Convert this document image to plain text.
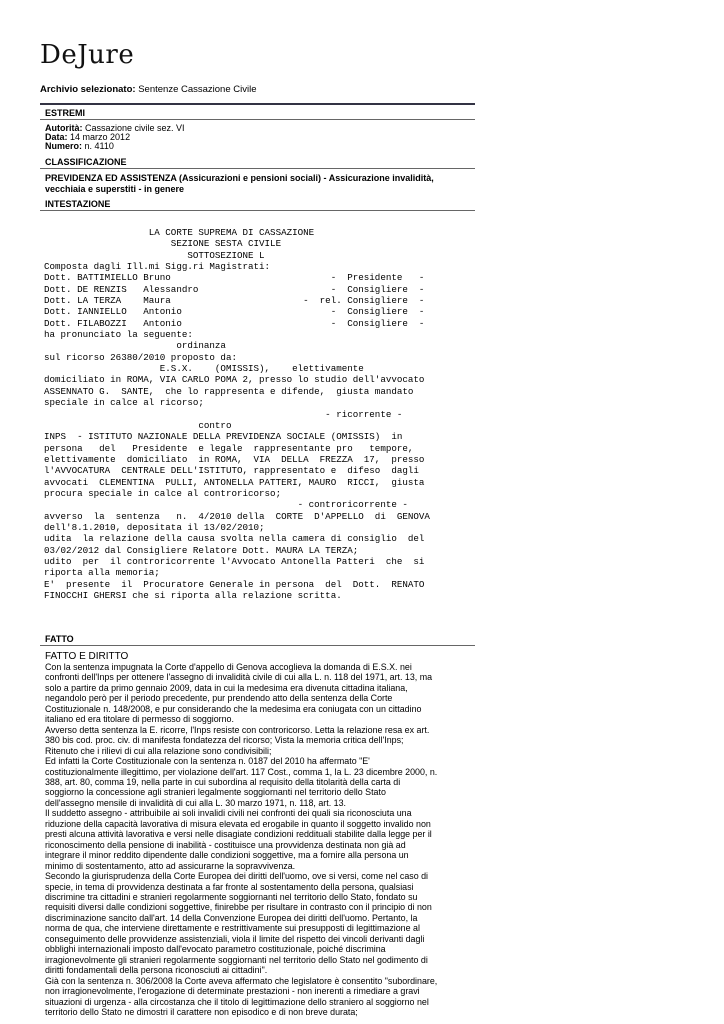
DeJure
Archivio selezionato: Sentenze Cassazione Civile
ESTREMI
Autorità: Cassazione civile sez. VI
Data: 14 marzo 2012
Numero: n. 4110
CLASSIFICAZIONE
PREVIDENZA ED ASSISTENZA (Assicurazioni e pensioni sociali) - Assicurazione invalidità, vecchiaia e superstiti - in genere
INTESTAZIONE
LA CORTE SUPREMA DI CASSAZIONE
SEZIONE SESTA CIVILE
SOTTOSEZIONE L
Composta dagli Ill.mi Sigg.ri Magistrati:
Dott. BATTIMIELLO Bruno                             -  Presidente   -
Dott. DE RENZIS   Alessandro                        -  Consigliere  -
Dott. LA TERZA    Maura                        -  rel. Consigliere  -
Dott. IANNIELLO   Antonio                           -  Consigliere  -
Dott. FILABOZZI   Antonio                           -  Consigliere  -
ha pronunciato la seguente:
ordinanza
sul ricorso 26380/2010 proposto da:
E.S.X.    (OMISSIS),    elettivamente
domiciliato in ROMA, VIA CARLO POMA 2, presso lo studio dell'avvocato
ASSENNATO G.  SANTE,  che lo rappresenta e difende,  giusta mandato
speciale in calce al ricorso;
- ricorrente -
contro
INPS  - ISTITUTO NAZIONALE DELLA PREVIDENZA SOCIALE (OMISSIS)  in
persona   del   Presidente  e legale  rappresentante pro   tempore,
elettivamente  domiciliato  in ROMA,  VIA  DELLA  FREZZA  17,  presso
l'AVVOCATURA  CENTRALE DELL'ISTITUTO, rappresentato e  difeso  dagli
avvocati  CLEMENTINA  PULLI, ANTONELLA PATTERI, MAURO  RICCI,  giusta
procura speciale in calce al controricorso;
- controricorrente -
avverso  la  sentenza   n.  4/2010 della  CORTE  D'APPELLO  di  GENOVA
dell'8.1.2010, depositata il 13/02/2010;
udita  la relazione della causa svolta nella camera di consiglio  del
03/02/2012 dal Consigliere Relatore Dott. MAURA LA TERZA;
udito  per  il controricorrente l'Avvocato Antonella Patteri  che  si
riporta alla memoria;
E'  presente  il  Procuratore Generale in persona  del  Dott.  RENATO
FINOCCHI GHERSI che si riporta alla relazione scritta.
FATTO
FATTO E DIRITTO
Con la sentenza impugnata la Corte d'appello di Genova accoglieva la domanda di E.S.X. nei
confronti dell'Inps per ottenere l'assegno di invalidità civile di cui alla L. n. 118 del 1971, art. 13, ma
solo a partire da primo gennaio 2009, data in cui la medesima era divenuta cittadina italiana,
negandolo però per il periodo precedente, pur prendendo atto della sentenza della Corte
Costituzionale n. 148/2008, e pur considerando che la medesima era coniugata con un cittadino
italiano ed era titolare di permesso di soggiorno.
Avverso detta sentenza la E. ricorre, l'Inps resiste con controricorso. Letta la relazione resa ex art.
380 bis cod. proc. civ. di manifesta fondatezza del ricorso; Vista la memoria critica dell'Inps;
Ritenuto che i rilievi di cui alla relazione sono condivisibili;
Ed infatti la Corte Costituzionale con la sentenza n. 0187 del 2010 ha affermato "E'
costituzionalmente illegittimo, per violazione dell'art. 117 Cost., comma 1, la L. 23 dicembre 2000, n.
388, art. 80, comma 19, nella parte in cui subordina al requisito della titolarità della carta di
soggiorno la concessione agli stranieri legalmente soggiornanti nel territorio dello Stato
dell'assegno mensile di invalidità di cui alla L. 30 marzo 1971, n. 118, art. 13.
Il suddetto assegno - attribuibile ai soli invalidi civili nei confronti dei quali sia riconosciuta una
riduzione della capacità lavorativa di misura elevata ed erogabile in quanto il soggetto invalido non
presti alcuna attività lavorativa e versi nelle disagiate condizioni reddituali stabilite dalla legge per il
riconoscimento della pensione di inabilità - costituisce una provvidenza destinata non già ad
integrare il minor reddito dipendente dalle condizioni soggettive, ma a fornire alla persona un
minimo di sostentamento, atto ad assicurarne la sopravvivenza.
Secondo la giurisprudenza della Corte Europea dei diritti dell'uomo, ove si versi, come nel caso di
specie, in tema di provvidenza destinata a far fronte al sostentamento della persona, qualsiasi
discrimine tra cittadini e stranieri regolarmente soggiornanti nel territorio dello Stato, fondato su
requisiti diversi dalle condizioni soggettive, finirebbe per risultare in contrasto con il principio di non
discriminazione sancito dall'art. 14 della Convenzione Europea dei diritti dell'uomo. Pertanto, la
norma de qua, che interviene direttamente e restrittivamente sui presupposti di legittimazione al
conseguimento delle provvidenze assistenziali, viola il limite del rispetto dei vincoli derivanti dagli
obblighi internazionali imposto dall'evocato parametro costituzionale, poiché discrimina
irragionevolmente gli stranieri regolarmente soggiornanti nel territorio dello Stato nel godimento di
diritti fondamentali della persona riconosciuti ai cittadini".
Già con la sentenza n. 306/2008 la Corte aveva affermato che legislatore è consentito "subordinare,
non irragionevolmente, l'erogazione di determinate prestazioni - non inerenti a rimediare a gravi
situazioni di urgenza - alla circostanza che il titolo di legittimazione dello straniero al soggiorno nel
territorio dello Stato ne dimostri il carattere non episodico e di non breve durata;
